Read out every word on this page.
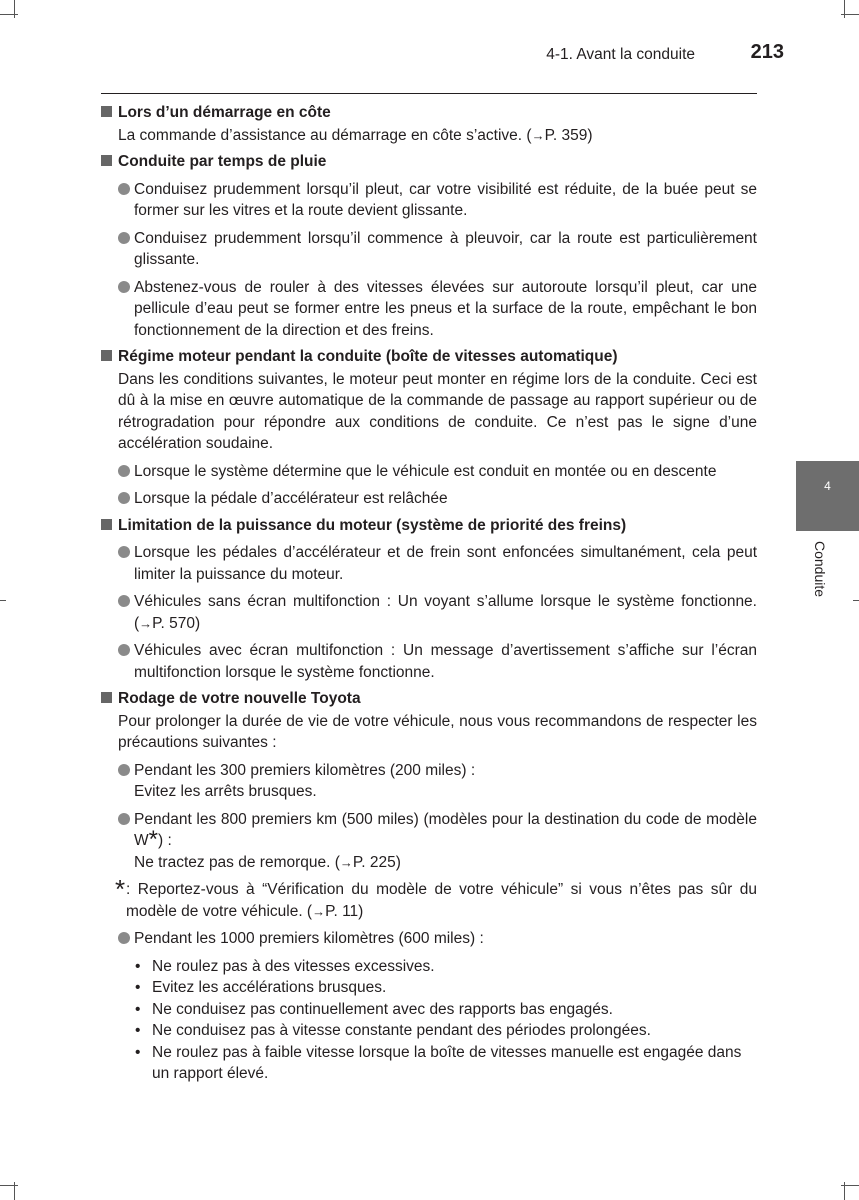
4-1. Avant la conduite	213
4
Conduite
Lors d’un démarrage en côte
La commande d’assistance au démarrage en côte s’active. (→P. 359)
Conduite par temps de pluie
Conduisez prudemment lorsqu’il pleut, car votre visibilité est réduite, de la buée peut se former sur les vitres et la route devient glissante.
Conduisez prudemment lorsqu’il commence à pleuvoir, car la route est particulièrement glissante.
Abstenez-vous de rouler à des vitesses élevées sur autoroute lorsqu’il pleut, car une pellicule d’eau peut se former entre les pneus et la surface de la route, empêchant le bon fonctionnement de la direction et des freins.
Régime moteur pendant la conduite (boîte de vitesses automatique)
Dans les conditions suivantes, le moteur peut monter en régime lors de la conduite. Ceci est dû à la mise en œuvre automatique de la commande de passage au rapport supérieur ou de rétrogradation pour répondre aux conditions de conduite. Ce n’est pas le signe d’une accélération soudaine.
Lorsque le système détermine que le véhicule est conduit en montée ou en descente
Lorsque la pédale d’accélérateur est relâchée
Limitation de la puissance du moteur (système de priorité des freins)
Lorsque les pédales d’accélérateur et de frein sont enfoncées simultanément, cela peut limiter la puissance du moteur.
Véhicules sans écran multifonction : Un voyant s’allume lorsque le système fonctionne.(→P. 570)
Véhicules avec écran multifonction : Un message d’avertissement s’affiche sur l’écran multifonction lorsque le système fonctionne.
Rodage de votre nouvelle Toyota
Pour prolonger la durée de vie de votre véhicule, nous vous recommandons de respecter les précautions suivantes :
Pendant les 300 premiers kilomètres (200 miles) :
Evitez les arrêts brusques.
Pendant les 800 premiers km (500 miles) (modèles pour la destination du code de modèle W*) :
Ne tractez pas de remorque. (→P. 225)
* : Reportez-vous à “Vérification du modèle de votre véhicule” si vous n’êtes pas sûr du modèle de votre véhicule. (→P. 11)
Pendant les 1000 premiers kilomètres (600 miles) :
• Ne roulez pas à des vitesses excessives.
• Evitez les accélérations brusques.
• Ne conduisez pas continuellement avec des rapports bas engagés.
• Ne conduisez pas à vitesse constante pendant des périodes prolongées.
• Ne roulez pas à faible vitesse lorsque la boîte de vitesses manuelle est engagée dans un rapport élevé.
